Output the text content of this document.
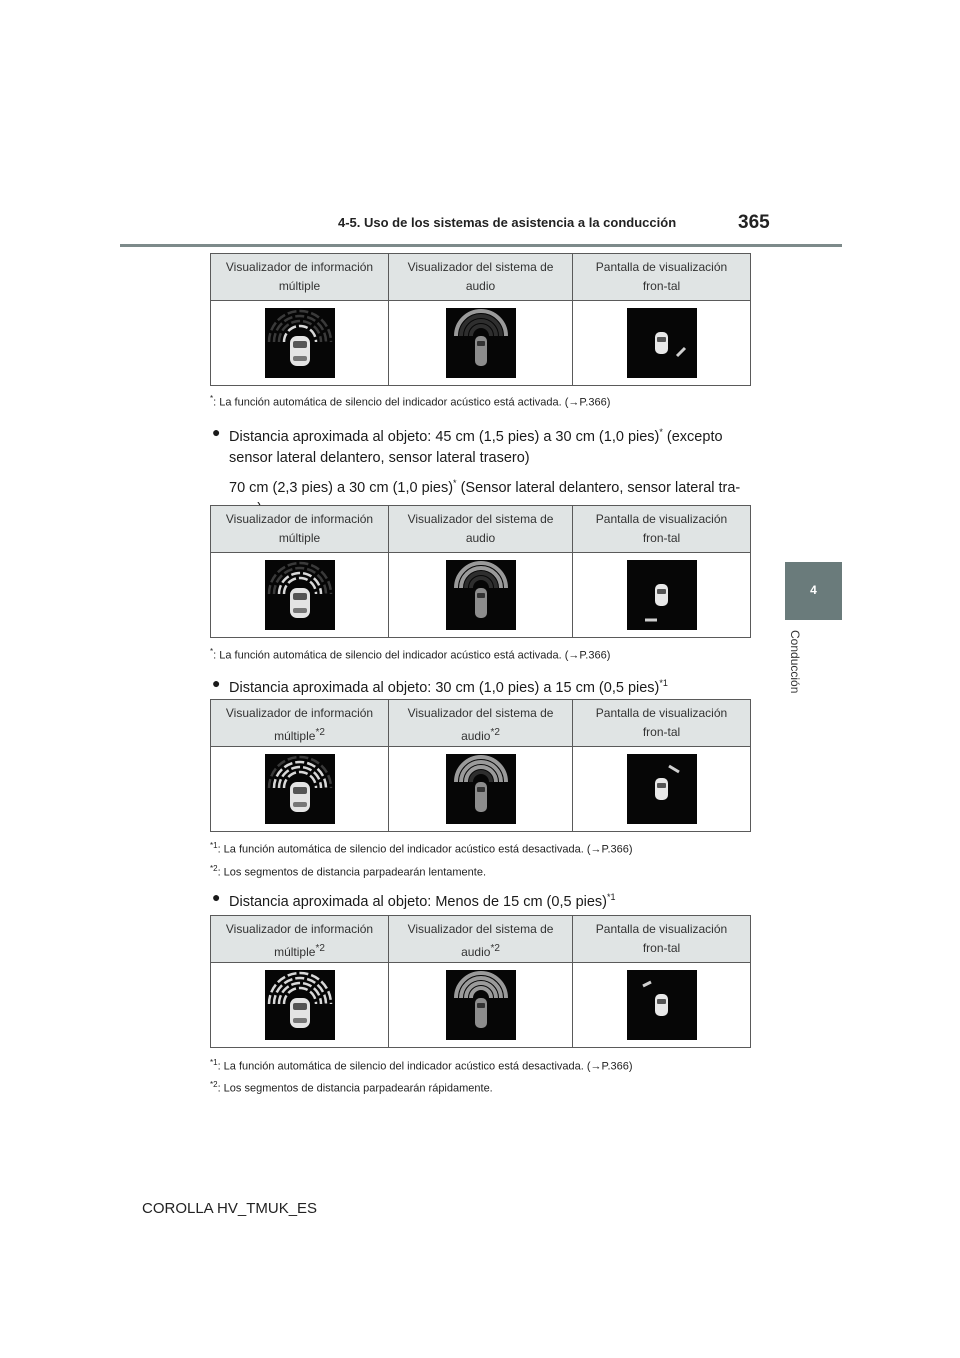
4-5. Uso de los sistemas de asistencia a la conducción	365
4
Conducción
Visualizador de información múltiple	Visualizador del sistema de audio	Pantalla de visualización fron-tal

*: La función automática de silencio del indicador acústico está activada. (→P.366)
● Distancia aproximada al objeto: 45 cm (1,5 pies) a 30 cm (1,0 pies)* (excepto
sensor lateral delantero, sensor lateral trasero)
70 cm (2,3 pies) a 30 cm (1,0 pies)* (Sensor lateral delantero, sensor lateral tra-
Visualizador de información múltiple	Visualizador del sistema de audio	Pantalla de visualización fron-tal

*: La función automática de silencio del indicador acústico está activada. (→P.366)
● Distancia aproximada al objeto: 30 cm (1,0 pies) a 15 cm (0,5 pies)$^{*1}$
Visualizador de información múltiple$^{*2}$	Visualizador del sistema de audio$^{*2}$	Pantalla de visualización fron-tal

$^{*1}$: La función automática de silencio del indicador acústico está desactivada. (→P.366)
$^{*2}$: Los segmentos de distancia parpadearán lentamente.
● Distancia aproximada al objeto: Menos de 15 cm (0,5 pies)$^{*1}$
Visualizador de información múltiple$^{*2}$	Visualizador del sistema de audio$^{*2}$	Pantalla de visualización fron-tal

$^{*1}$: La función automática de silencio del indicador acústico está desactivada. (→P.366)
$^{*2}$: Los segmentos de distancia parpadearán rápidamente.
COROLLA HV_TMUK_ES
